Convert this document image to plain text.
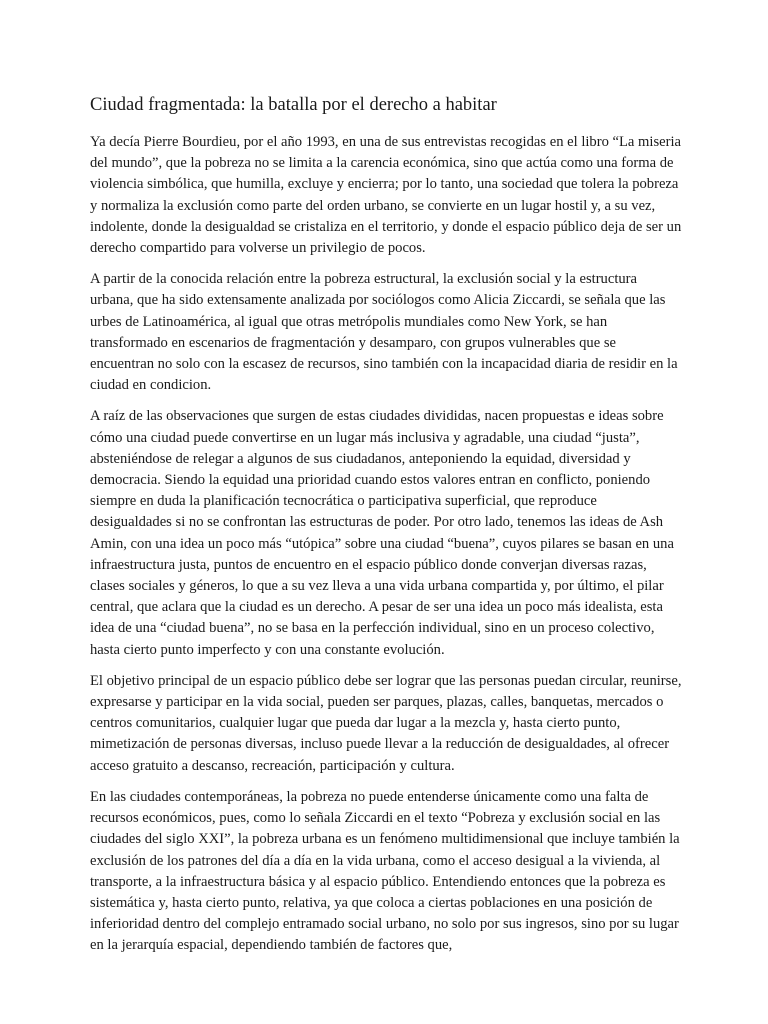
Ciudad fragmentada: la batalla por el derecho a habitar

Ya decía Pierre Bourdieu, por el año 1993, en una de sus entrevistas recogidas en el libro “La miseria del mundo”, que la pobreza no se limita a la carencia económica, sino que actúa como una forma de violencia simbólica, que humilla, excluye y encierra; por lo tanto, una sociedad que tolera la pobreza y normaliza la exclusión como parte del orden urbano, se convierte en un lugar hostil y, a su vez, indolente, donde la desigualdad se cristaliza en el territorio, y donde el espacio público deja de ser un derecho compartido para volverse un privilegio de pocos.

A partir de la conocida relación entre la pobreza estructural, la exclusión social y la estructura urbana, que ha sido extensamente analizada por sociólogos como Alicia Ziccardi, se señala que las urbes de Latinoamérica, al igual que otras metrópolis mundiales como New York, se han transformado en escenarios de fragmentación y desamparo, con grupos vulnerables que se encuentran no solo con la escasez de recursos, sino también con la incapacidad diaria de residir en la ciudad en condicion.

A raíz de las observaciones que surgen de estas ciudades divididas, nacen propuestas e ideas sobre cómo una ciudad puede convertirse en un lugar más inclusiva y agradable, una ciudad “justa”, absteniéndose de relegar a algunos de sus ciudadanos, anteponiendo la equidad, diversidad y democracia. Siendo la equidad una prioridad cuando estos valores entran en conflicto, poniendo siempre en duda la planificación tecnocrática o participativa superficial, que reproduce desigualdades si no se confrontan las estructuras de poder. Por otro lado, tenemos las ideas de Ash Amin, con una idea un poco más “utópica” sobre una ciudad “buena”, cuyos pilares se basan en una infraestructura justa, puntos de encuentro en el espacio público donde converjan diversas razas, clases sociales y géneros, lo que a su vez lleva a una vida urbana compartida y, por último, el pilar central, que aclara que la ciudad es un derecho. A pesar de ser una idea un poco más idealista, esta idea de una “ciudad buena”, no se basa en la perfección individual, sino en un proceso colectivo, hasta cierto punto imperfecto y con una constante evolución.

El objetivo principal de un espacio público debe ser lograr que las personas puedan circular, reunirse, expresarse y participar en la vida social, pueden ser parques, plazas, calles, banquetas, mercados o centros comunitarios, cualquier lugar que pueda dar lugar a la mezcla y, hasta cierto punto, mimetización de personas diversas, incluso puede llevar a la reducción de desigualdades, al ofrecer acceso gratuito a descanso, recreación, participación y cultura.

En las ciudades contemporáneas, la pobreza no puede entenderse únicamente como una falta de recursos económicos, pues, como lo señala Ziccardi en el texto “Pobreza y exclusión social en las ciudades del siglo XXI”, la pobreza urbana es un fenómeno multidimensional que incluye también la exclusión de los patrones del día a día en la vida urbana, como el acceso desigual a la vivienda, al transporte, a la infraestructura básica y al espacio público. Entendiendo entonces que la pobreza es sistemática y, hasta cierto punto, relativa, ya que coloca a ciertas poblaciones en una posición de inferioridad dentro del complejo entramado social urbano, no solo por sus ingresos, sino por su lugar en la jerarquía espacial, dependiendo también de factores que,
